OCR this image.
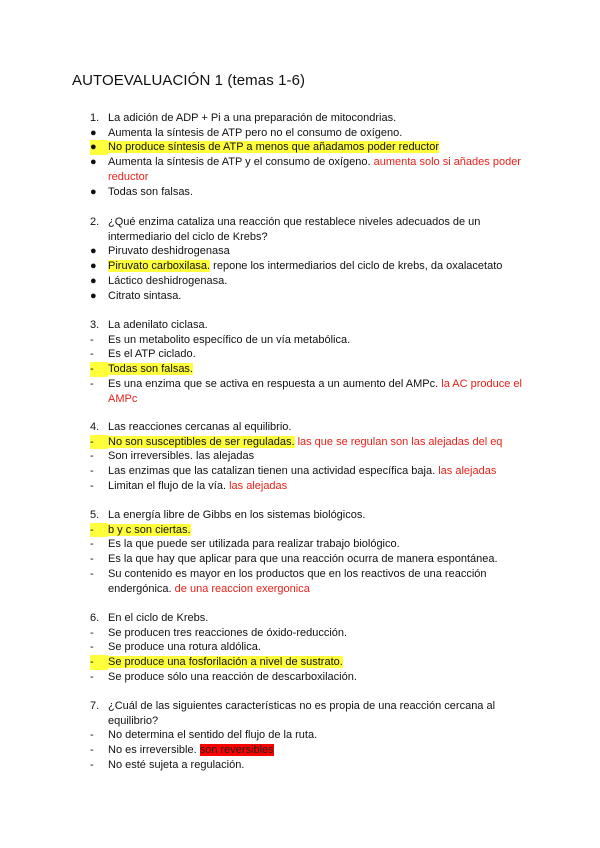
AUTOEVALUACIÓN 1 (temas 1-6)
1. La adición de ADP + Pi a una preparación de mitocondrias.
●	Aumenta la síntesis de ATP pero no el consumo de oxígeno.
●	No produce síntesis de ATP a menos que añadamos poder reductor
●	Aumenta la síntesis de ATP y el consumo de oxígeno. aumenta solo si añades poder reductor
●	Todas son falsas.
2. ¿Qué enzima cataliza una reacción que restablece niveles adecuados de un intermediario del ciclo de Krebs?
●	Piruvato deshidrogenasa
●	Piruvato carboxilasa. repone los intermediarios del ciclo de krebs, da oxalacetato
●	Láctico deshidrogenasa.
●	Citrato sintasa.
3. La adenilato ciclasa.
-	Es un metabolito específico de un vía metabólica.
-	Es el ATP ciclado.
-	Todas son falsas.
-	Es una enzima que se activa en respuesta a un aumento del AMPc. la AC produce el AMPc
4. Las reacciones cercanas al equilibrio.
-	No son susceptibles de ser reguladas. las que se regulan son las alejadas del eq
-	Son irreversibles. las alejadas
-	Las enzimas que las catalizan tienen una actividad específica baja. las alejadas
-	Limitan el flujo de la vía. las alejadas
5. La energía libre de Gibbs en los sistemas biológicos.
-	b y c son ciertas.
-	Es la que puede ser utilizada para realizar trabajo biológico.
-	Es la que hay que aplicar para que una reacción ocurra de manera espontánea.
-	Su contenido es mayor en los productos que en los reactivos de una reacción endergónica. de una reaccion exergonica
6. En el ciclo de Krebs.
-	Se producen tres reacciones de óxido-reducción.
-	Se produce una rotura aldólica.
-	Se produce una fosforilación a nivel de sustrato.
-	Se produce sólo una reacción de descarboxilación.
7. ¿Cuál de las siguientes características no es propia de una reacción cercana al equilibrio?
-	No determina el sentido del flujo de la ruta.
-	No es irreversible. son reversibles
-	No esté sujeta a regulación.
